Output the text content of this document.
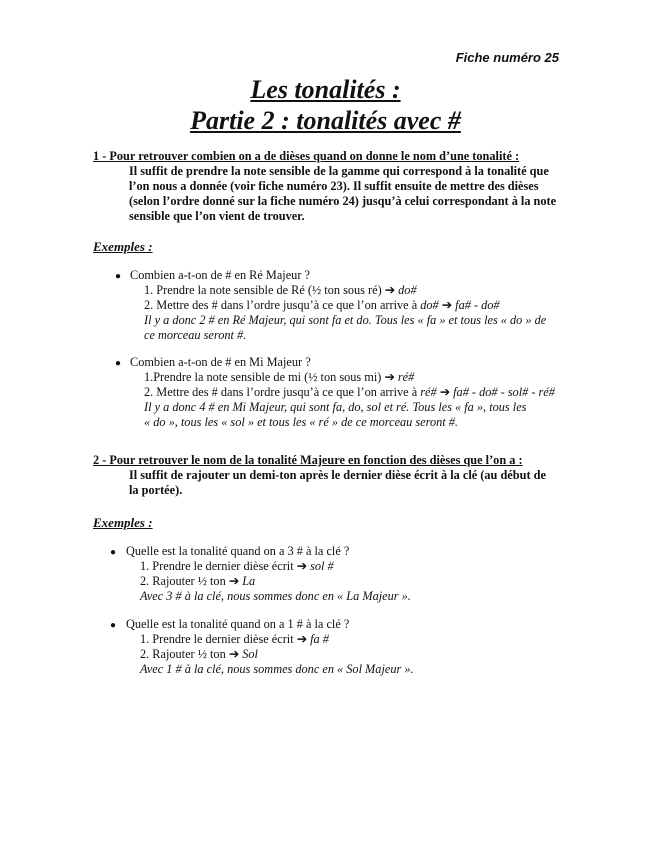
Fiche numéro 25
Les tonalités :
Partie 2 : tonalités avec #
1 - Pour retrouver combien on a de dièses quand on donne le nom d’une tonalité :
Il suffit de prendre la note sensible de la gamme qui correspond à la tonalité que
l’on nous a donnée (voir fiche numéro 23). Il suffit ensuite de mettre des dièses
(selon l’ordre donné sur la fiche numéro 24) jusqu’à celui correspondant à la note
sensible que l’on vient de trouver.
Exemples :
● Combien a-t-on de # en Ré Majeur ?
1. Prendre la note sensible de Ré (½ ton sous ré) ➔ do#
2. Mettre des # dans l’ordre jusqu’à ce que l’on arrive à do# ➔ fa# - do#
Il y a donc 2 # en Ré Majeur, qui sont fa et do. Tous les « fa » et tous les « do » de
ce morceau seront #.
● Combien a-t-on de # en Mi Majeur ?
1.Prendre la note sensible de mi (½ ton sous mi) ➔ ré#
2. Mettre des # dans l’ordre jusqu’à ce que l’on arrive à ré# ➔ fa# - do# - sol# - ré#
Il y a donc 4 # en Mi Majeur, qui sont fa, do, sol et ré. Tous les « fa », tous les
« do », tous les « sol » et tous les « ré » de ce morceau seront #.
2 - Pour retrouver le nom de la tonalité Majeure en fonction des dièses que l’on a :
Il suffit de rajouter un demi-ton après le dernier dièse écrit à la clé (au début de
la portée).
Exemples :
● Quelle est la tonalité quand on a 3 # à la clé ?
1. Prendre le dernier dièse écrit ➔ sol #
2. Rajouter ½ ton ➔ La
Avec 3 # à la clé, nous sommes donc en « La Majeur ».
● Quelle est la tonalité quand on a 1 # à la clé ?
1. Prendre le dernier dièse écrit ➔ fa #
2. Rajouter ½ ton ➔ Sol
Avec 1 # à la clé, nous sommes donc en « Sol Majeur ».
